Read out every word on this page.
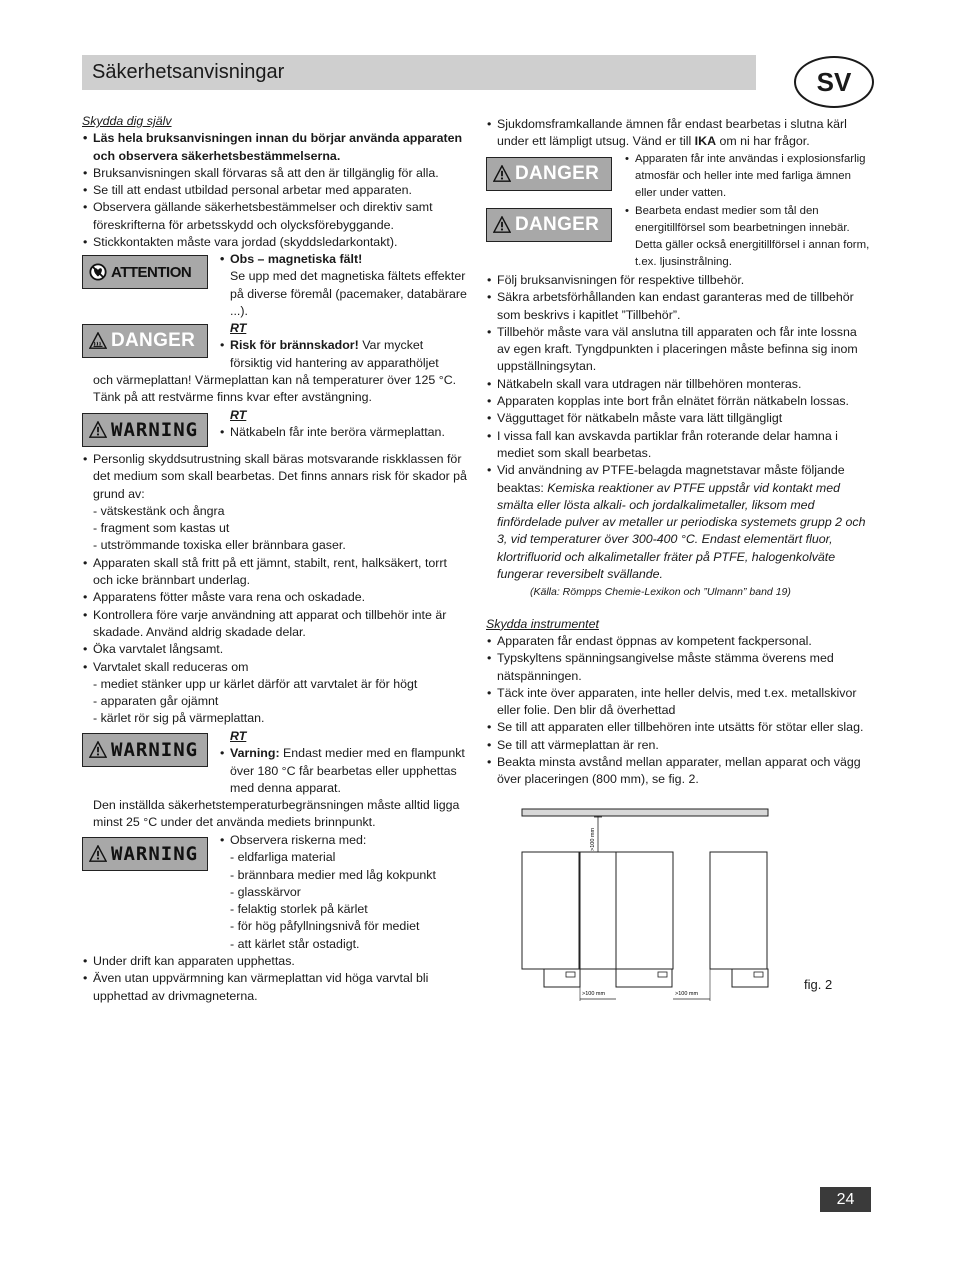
Säkerhetsanvisningar	SV

Skydda dig själv

• Läs hela bruksanvisningen innan du börjar använda apparaten och observera säkerhetsbestämmelserna.

• Bruksanvisningen skall förvaras så att den är tillgänglig för alla.

• Se till att endast utbildad personal arbetar med apparaten.

• Observera gällande säkerhetsbestämmelser och direktiv samt föreskrifterna för arbetsskydd och olycksförebyggande.

• Stickkontakten måste vara jordad (skyddsledarkontakt).

ATTENTION

• Obs – magnetiska fält!

Se upp med det magnetiska fältets effekter på diverse föremål (pacemaker, databärare ...).

DANGER

RT

• Risk för brännskador! Var mycket försiktig vid hantering av apparathöljet

och värmeplattan! Värmeplattan kan nå temperaturer över 125 °C. Tänk på att restvärme finns kvar efter avstängning.
WARNING

RT

• Nätkabeln får inte beröra värmeplattan.

• Personlig skyddsutrustning skall bäras motsvarande riskklassen för det medium som skall bearbetas. Det finns annars risk för skador på grund av:

- vätskestänk och ångra

- fragment som kastas ut

- utströmmande toxiska eller brännbara gaser.

• Apparaten skall stå fritt på ett jämnt, stabilt, rent, halksäkert, torrt och icke brännbart underlag.

• Apparatens fötter måste vara rena och oskadade.

• Kontrollera före varje användning att apparat och tillbehör inte är skadade. Använd aldrig skadade delar.

• Öka varvtalet långsamt.

• Varvtalet skall reduceras om

- mediet stänker upp ur kärlet därför att varvtalet är för högt

- apparaten går ojämnt

- kärlet rör sig på värmeplattan.

WARNING

RT

• Varning: Endast medier med en flampunkt över 180 °C får bearbetas eller upphettas med denna apparat.

Den inställda säkerhetstemperaturbegränsningen måste alltid ligga minst 25 °C under det använda mediets brinnpunkt.
WARNING

• Observera riskerna med:

- eldfarliga material

- brännbara medier med låg kokpunkt

- glasskärvor

- felaktig storlek på kärlet

- för hög påfyllningsnivå för mediet

- att kärlet står ostadigt.

• Under drift kan apparaten upphettas.

• Även utan uppvärmning kan värmeplattan vid höga varvtal bli upphettad av drivmagneterna.

• Sjukdomsframkallande ämnen får endast bearbetas i slutna kärl under ett lämpligt utsug. Vänd er till IKA om ni har frågor.

DANGER

• Apparaten får inte användas i explosionsfarlig atmosfär och heller inte med farliga ämnen eller under vatten.

DANGER

• Bearbeta endast medier som tål den energitillförsel som bearbetningen innebär. Detta gäller också energitillförsel i annan form, t.ex. ljusinstrålning.

• Följ bruksanvisningen för respektive tillbehör.

• Säkra arbetsförhållanden kan endast garanteras med de tillbehör som beskrivs i kapitlet ”Tillbehör”.

• Tillbehör måste vara väl anslutna till apparaten och får inte lossna av egen kraft. Tyngdpunkten i placeringen måste befinna sig inom uppställningsytan.

• Nätkabeln skall vara utdragen när tillbehören monteras.

• Apparaten kopplas inte bort från elnätet förrän nätkabeln lossas.

• Vägguttaget för nätkabeln måste vara lätt tillgängligt

• I vissa fall kan avskavda partiklar från roterande delar hamna i mediet som skall bearbetas.

• Vid användning av PTFE-belagda magnetstavar måste följande beaktas: Kemiska reaktioner av PTFE uppstår vid kontakt med smälta eller lösta alkali- och jordalkalimetaller, liksom med finfördelade pulver av metaller ur periodiska systemets grupp 2 och 3, vid temperaturer över 300-400 °C. Endast elementärt fluor, klortrifluorid och alkalimetaller fräter på PTFE, halogenkolväte fungerar reversibelt svällande.

(Källa: Römpps Chemie-Lexikon och ”Ulmann” band 19)

Skydda instrumentet

• Apparaten får endast öppnas av kompetent fackpersonal.

• Typskyltens spänningsangivelse måste stämma överens med nätspänningen.

• Täck inte över apparaten, inte heller delvis, med t.ex. metallskivor eller folie. Den blir då överhettad

• Se till att apparaten eller tillbehören inte utsätts för stötar eller slag.

• Se till att värmeplattan är ren.

• Beakta minsta avstånd mellan apparater, mellan apparat och vägg över placeringen (800 mm), se fig. 2.

>100 mm
>100 mm	>100 mm
fig. 2
24
